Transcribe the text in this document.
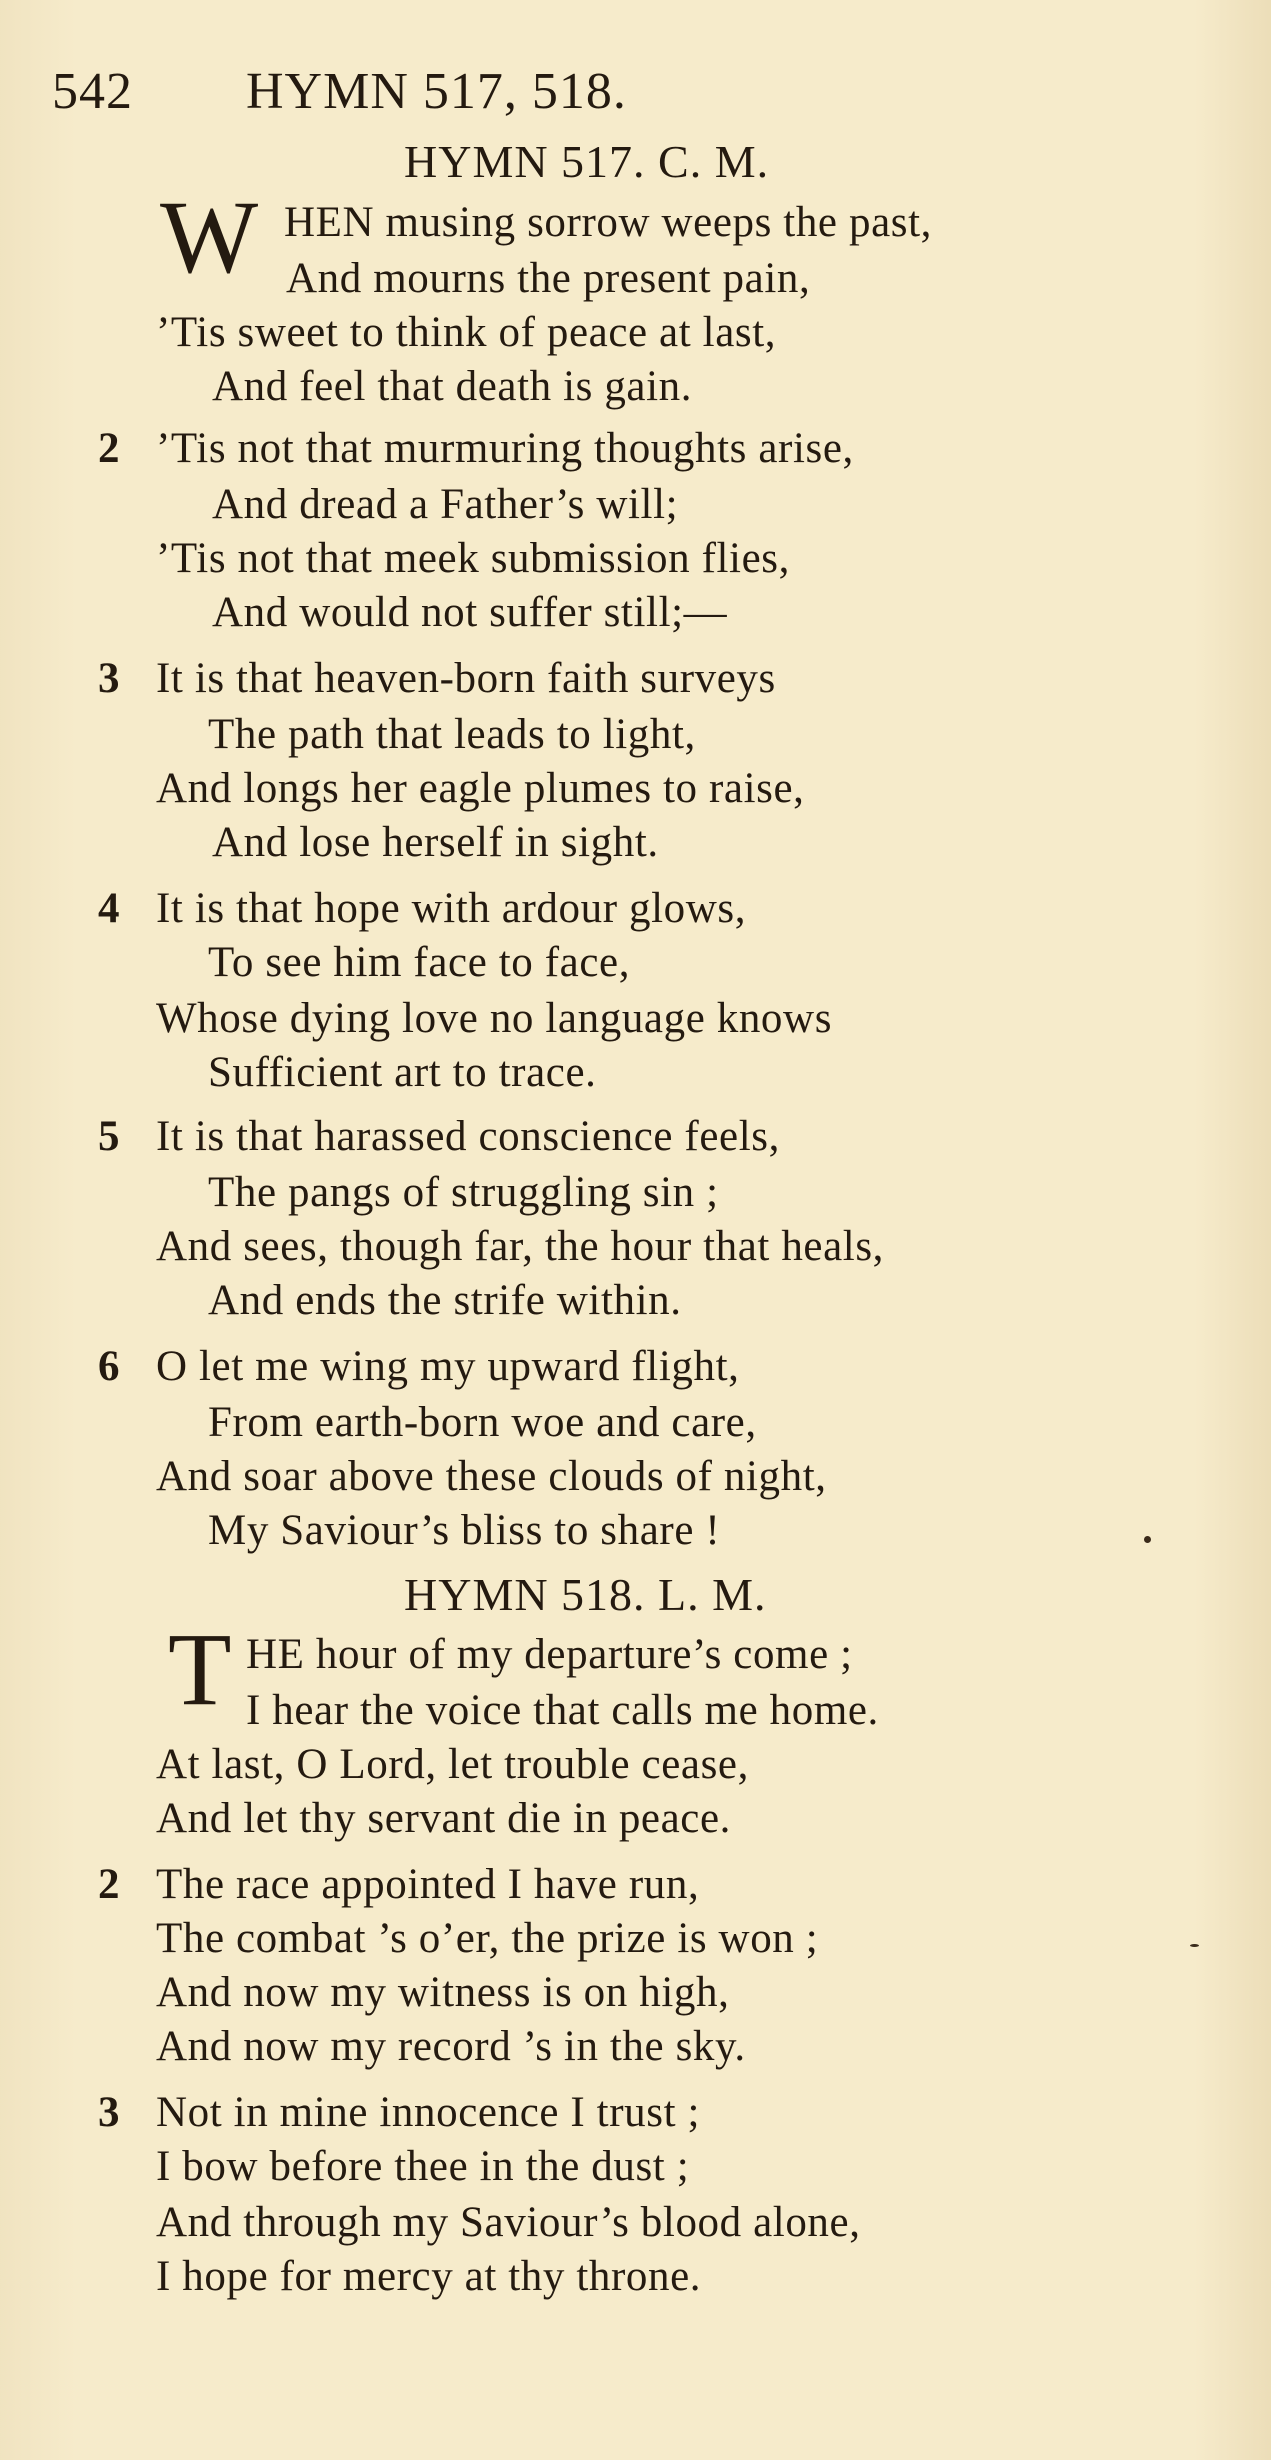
542 HYMN 517, 518.
HYMN 517. C. M.
W HEN musing sorrow weeps the past,
And mourns the present pain,
’Tis sweet to think of peace at last,
And feel that death is gain.
2 ’Tis not that murmuring thoughts arise,
And dread a Father’s will;
’Tis not that meek submission flies,
And would not suffer still;—
3 It is that heaven-born faith surveys
The path that leads to light,
And longs her eagle plumes to raise,
And lose herself in sight.
4 It is that hope with ardour glows,
To see him face to face,
Whose dying love no language knows
Sufficient art to trace.
5 It is that harassed conscience feels,
The pangs of struggling sin ;
And sees, though far, the hour that heals,
And ends the strife within.
6 O let me wing my upward flight,
From earth-born woe and care,
And soar above these clouds of night,
My Saviour’s bliss to share !
HYMN 518. L. M.
T HE hour of my departure’s come ;
I hear the voice that calls me home.
At last, O Lord, let trouble cease,
And let thy servant die in peace.
2 The race appointed I have run,
The combat ’s o’er, the prize is won ;
And now my witness is on high,
And now my record ’s in the sky.
3 Not in mine innocence I trust ;
I bow before thee in the dust ;
And through my Saviour’s blood alone,
I hope for mercy at thy throne.
